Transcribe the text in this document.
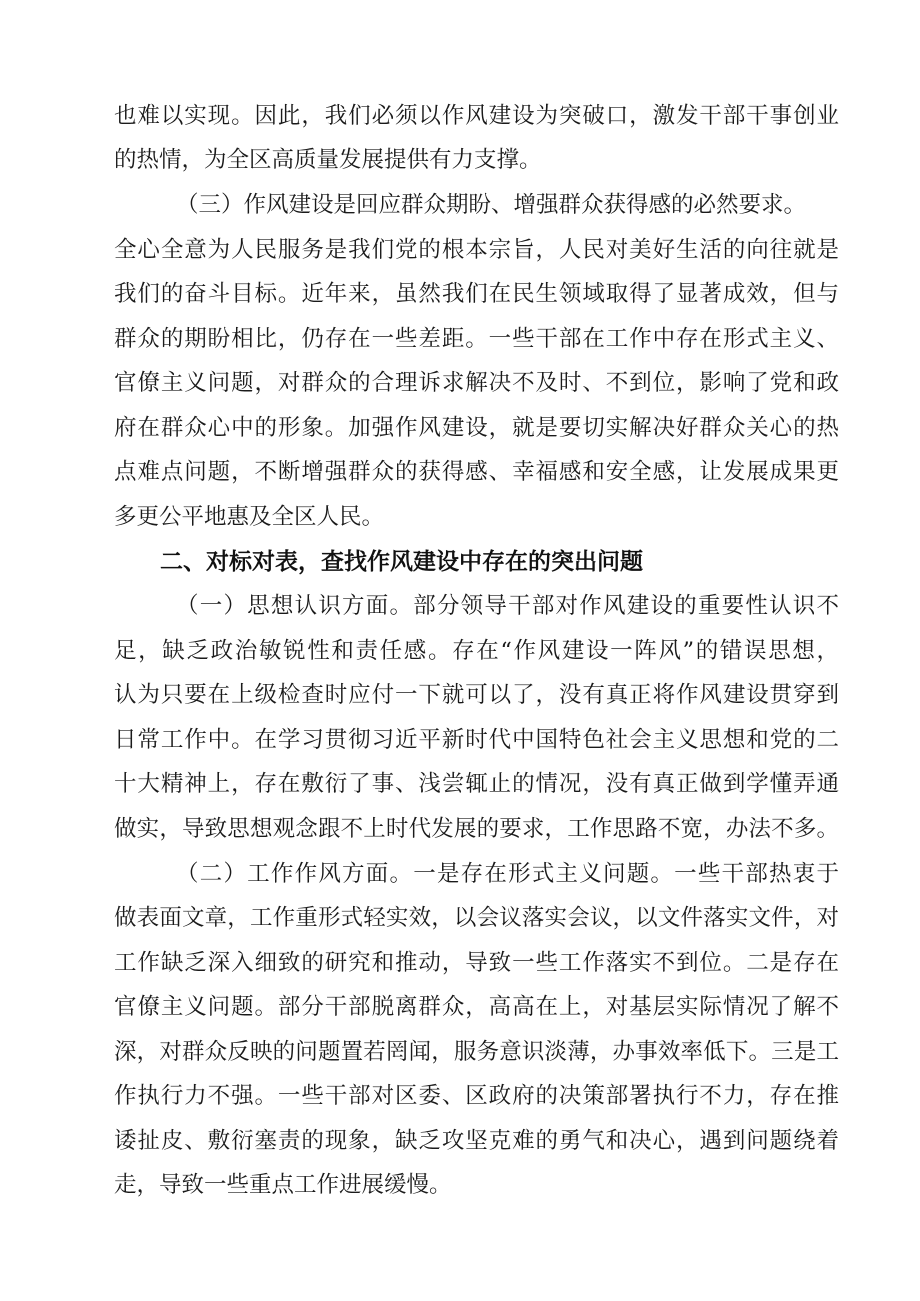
也难以实现。因此，我们必须以作风建设为突破口，激发干部干事创业
的热情，为全区高质量发展提供有力支撑。
（三）作风建设是回应群众期盼、增强群众获得感的必然要求。
全心全意为人民服务是我们党的根本宗旨，人民对美好生活的向往就是
我们的奋斗目标。近年来，虽然我们在民生领域取得了显著成效，但与
群众的期盼相比，仍存在一些差距。一些干部在工作中存在形式主义、
官僚主义问题，对群众的合理诉求解决不及时、不到位，影响了党和政
府在群众心中的形象。加强作风建设，就是要切实解决好群众关心的热
点难点问题，不断增强群众的获得感、幸福感和安全感，让发展成果更
多更公平地惠及全区人民。
二、对标对表，查找作风建设中存在的突出问题
（一）思想认识方面。部分领导干部对作风建设的重要性认识不
足，缺乏政治敏锐性和责任感。存在“作风建设一阵风”的错误思想，
认为只要在上级检查时应付一下就可以了，没有真正将作风建设贯穿到
日常工作中。在学习贯彻习近平新时代中国特色社会主义思想和党的二
十大精神上，存在敷衍了事、浅尝辄止的情况，没有真正做到学懂弄通
做实，导致思想观念跟不上时代发展的要求，工作思路不宽，办法不多。
（二）工作作风方面。一是存在形式主义问题。一些干部热衷于
做表面文章，工作重形式轻实效，以会议落实会议，以文件落实文件，对
工作缺乏深入细致的研究和推动，导致一些工作落实不到位。二是存在
官僚主义问题。部分干部脱离群众，高高在上，对基层实际情况了解不
深，对群众反映的问题置若罔闻，服务意识淡薄，办事效率低下。三是工
作执行力不强。一些干部对区委、区政府的决策部署执行不力，存在推
诿扯皮、敷衍塞责的现象，缺乏攻坚克难的勇气和决心，遇到问题绕着
走，导致一些重点工作进展缓慢。
